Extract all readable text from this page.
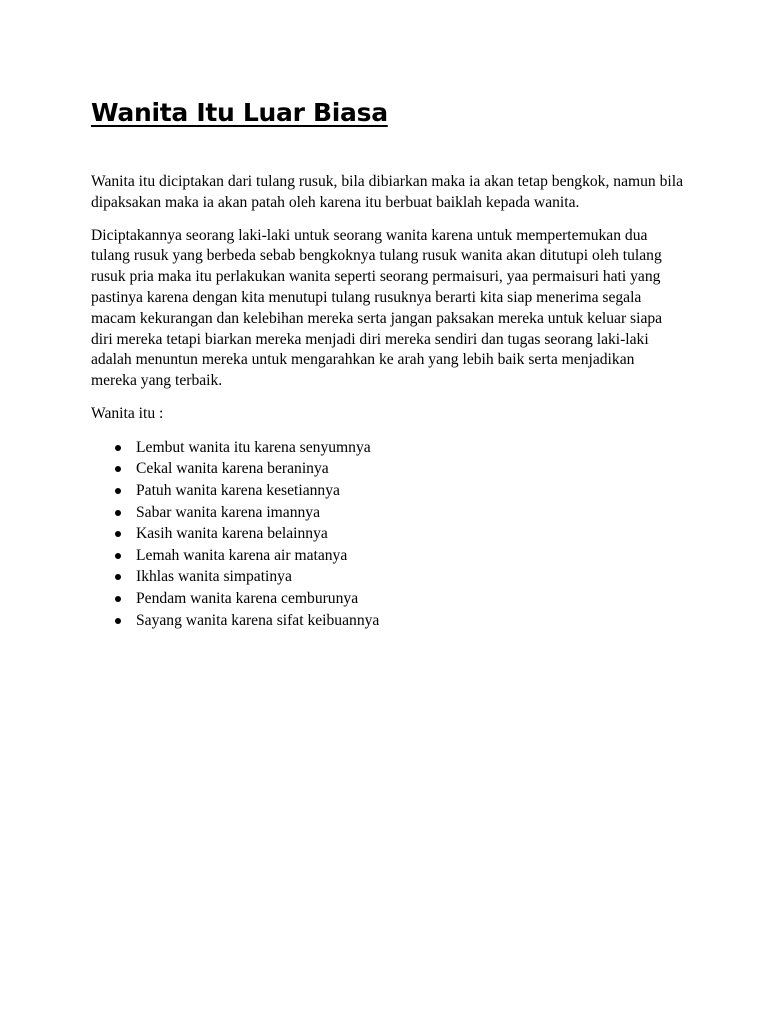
Wanita Itu Luar Biasa

Wanita itu diciptakan dari tulang rusuk, bila dibiarkan maka ia akan tetap bengkok, namun bila dipaksakan maka ia akan patah oleh karena itu berbuat baiklah kepada wanita.

Diciptakannya seorang laki-laki untuk seorang wanita karena untuk mempertemukan dua tulang rusuk yang berbeda sebab bengkoknya tulang rusuk wanita akan ditutupi oleh tulang rusuk pria maka itu perlakukan wanita seperti seorang permaisuri, yaa permaisuri hati yang pastinya karena dengan kita menutupi tulang rusuknya berarti kita siap menerima segala macam kekurangan dan kelebihan mereka serta jangan paksakan mereka untuk keluar siapa diri mereka tetapi biarkan mereka menjadi diri mereka sendiri dan tugas seorang laki-laki adalah menuntun mereka untuk mengarahkan ke arah yang lebih baik serta menjadikan mereka yang terbaik.

Wanita itu :

Lembut wanita itu karena senyumnya
Cekal wanita karena beraninya
Patuh wanita karena kesetiannya
Sabar wanita karena imannya
Kasih wanita karena belainnya
Lemah wanita karena air matanya
Ikhlas wanita simpatinya
Pendam wanita karena cemburunya
Sayang wanita karena sifat keibuannya
